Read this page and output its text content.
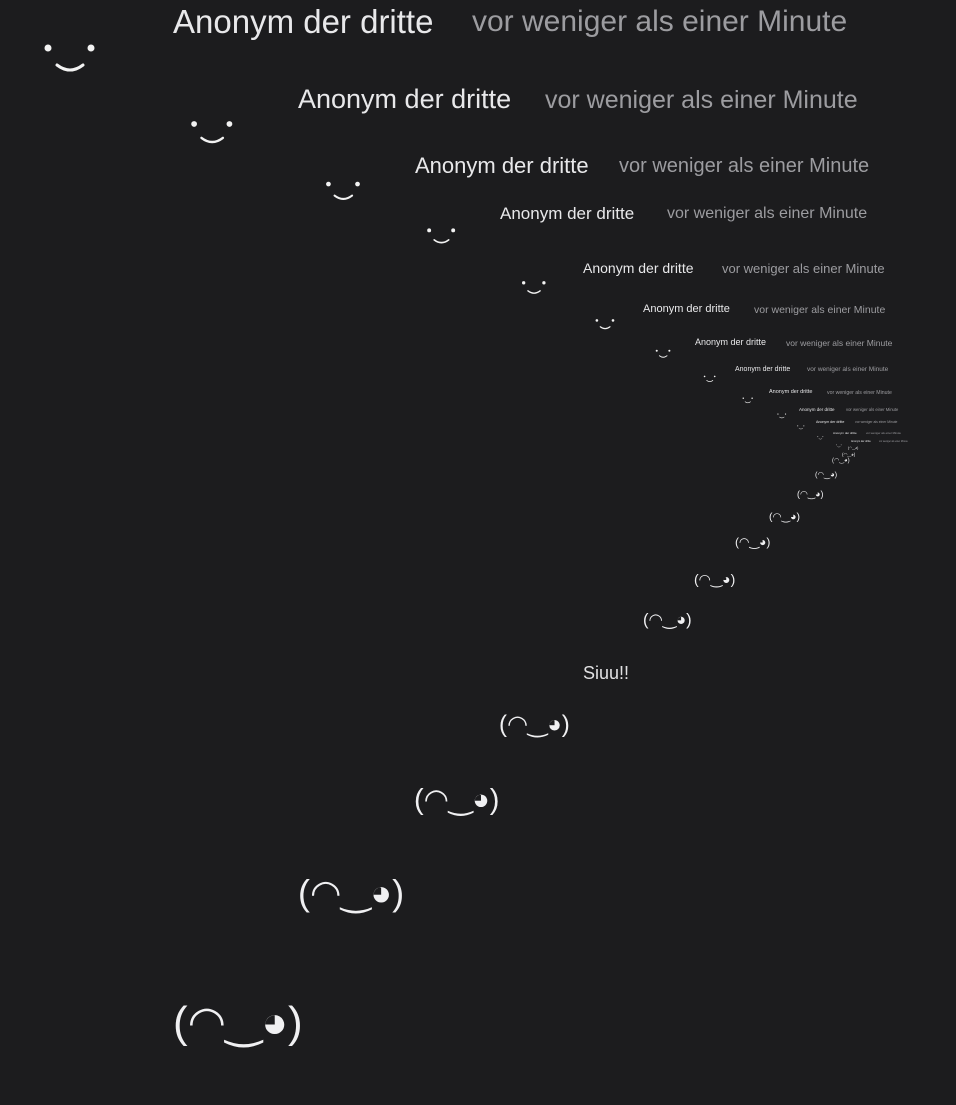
Anonym der dritte vor weniger als einer Minute
Anonym der dritte vor weniger als einer Minute
Anonym der dritte vor weniger als einer Minute
Anonym der dritte vor weniger als einer Minute
Anonym der dritte vor weniger als einer Minute
Anonym der dritte vor weniger als einer Minute
Anonym der dritte vor weniger als einer Minute
Anonym der dritte	vor weniger als einer Minute
Anonym der dritte	vor weniger als einer Minute
Anonym der dritte	vor weniger als einer Minute
Anonym der dritte	vor weniger als einer Minute
Anonym der dritte	vor weniger als einer Minute
Anonym der dritte	vor weniger als einer Minute
(◠‿◕)
(◠‿◕)
(◠‿◕)
(◠‿◕)
(◠‿◕)
(◠‿◕)
(◠‿◕)
(◠‿◕)
(◠‿◕)
Siuu!!
(◠‿◕)
(◠‿◕)
(◠‿◕)
(◠‿◕)
